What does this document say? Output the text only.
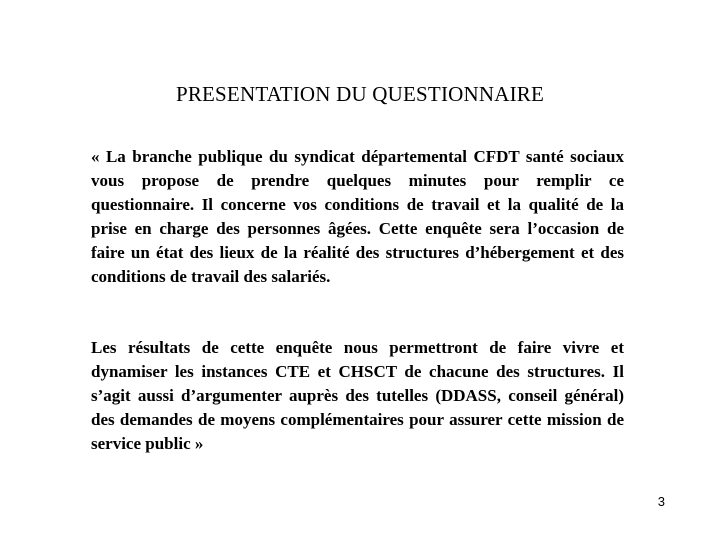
PRESENTATION DU QUESTIONNAIRE

« La branche publique du syndicat départemental CFDT santé sociaux vous propose de prendre quelques minutes pour remplir ce questionnaire. Il concerne vos conditions de travail et la qualité de la prise en charge des personnes âgées. Cette enquête sera l’occasion de faire un état des lieux de la réalité des structures d’hébergement et des conditions de travail des salariés.

Les résultats de cette enquête nous permettront de faire vivre et dynamiser les instances CTE et CHSCT de chacune des structures. Il s’agit aussi d’argumenter auprès des tutelles (DDASS, conseil général) des demandes de moyens complémentaires pour assurer cette mission de service public »

3
